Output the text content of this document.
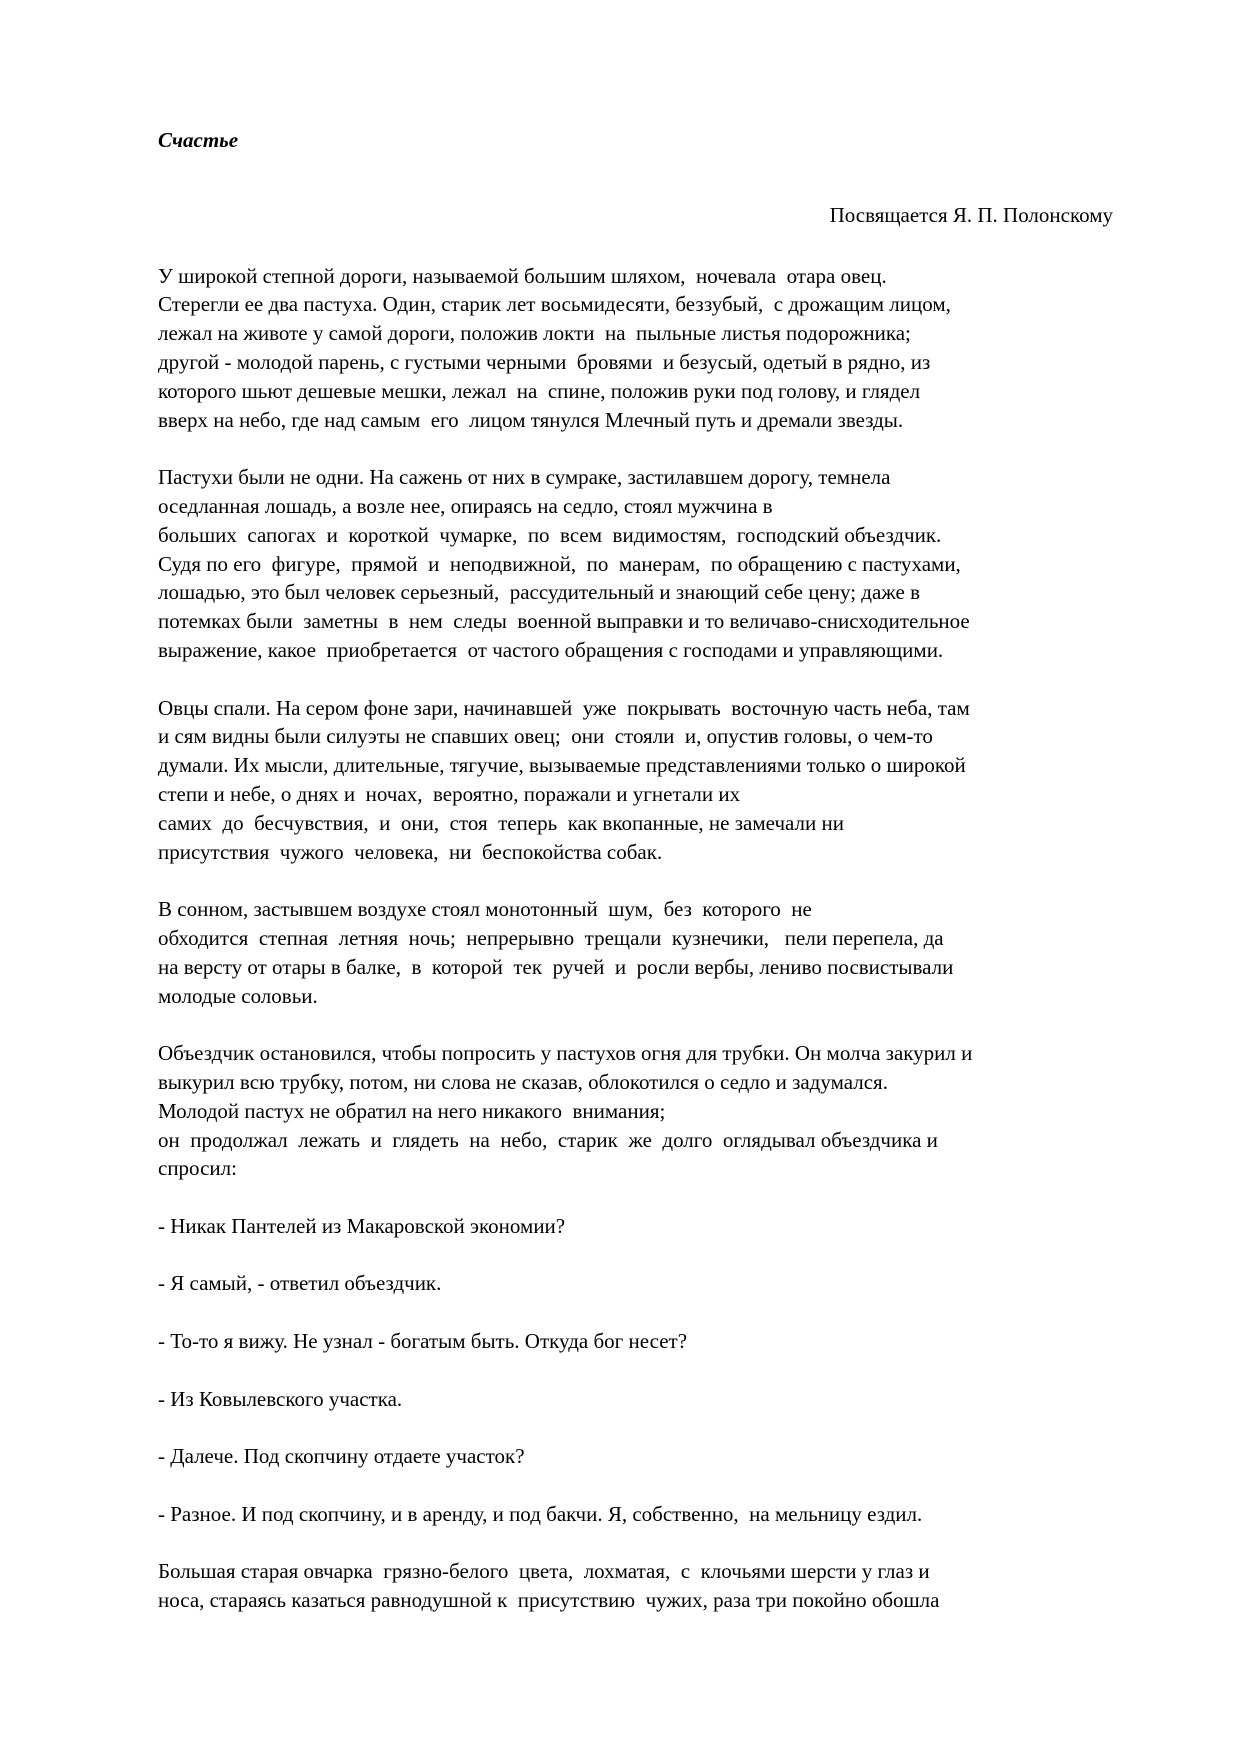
Счастье
Посвящается Я. П. Полонскому
У широкой степной дороги, называемой большим шляхом,  ночевала  отара овец.
Стерегли ее два пастуха. Один, старик лет восьмидесяти, беззубый,  с дрожащим лицом,
лежал на животе у самой дороги, положив локти  на  пыльные листья подорожника;
другой - молодой парень, с густыми черными  бровями  и безусый, одетый в рядно, из
которого шьют дешевые мешки, лежал  на  спине, положив руки под голову, и глядел
вверх на небо, где над самым  его  лицом тянулся Млечный путь и дремали звезды.
Пастухи были не одни. На сажень от них в сумраке, застилавшем дорогу, темнела
оседланная лошадь, а возле нее, опираясь на седло, стоял мужчина в
больших  сапогах  и  короткой  чумарке,  по  всем  видимостям,  господский объездчик.
Судя по его  фигуре,  прямой  и  неподвижной,  по  манерам,  по обращению с пастухами,
лошадью, это был человек серьезный,  рассудительный и знающий себе цену; даже в
потемках были  заметны  в  нем  следы  военной выправки и то величаво-снисходительное
выражение, какое  приобретается  от частого обращения с господами и управляющими.
Овцы спали. На сером фоне зари, начинавшей  уже  покрывать  восточную часть неба, там
и сям видны были силуэты не спавших овец;  они  стояли  и, опустив головы, о чем-то
думали. Их мысли, длительные, тягучие, вызываемые представлениями только о широкой
степи и небе, о днях и  ночах,  вероятно, поражали и угнетали их
самих  до  бесчувствия,  и  они,  стоя  теперь  как вкопанные, не замечали ни
присутствия  чужого  человека,  ни  беспокойства собак.
В сонном, застывшем воздухе стоял монотонный  шум,  без  которого  не
обходится  степная  летняя  ночь;  непрерывно  трещали  кузнечики,   пели перепела, да
на версту от отары в балке,  в  которой  тек  ручей  и  росли вербы, лениво посвистывали
молодые соловьи.
Объездчик остановился, чтобы попросить у пастухов огня для трубки. Он молча закурил и
выкурил всю трубку, потом, ни слова не сказав, облокотился о седло и задумался.
Молодой пастух не обратил на него никакого  внимания;
он  продолжал  лежать  и  глядеть  на  небо,  старик  же  долго  оглядывал объездчика и
спросил:
- Никак Пантелей из Макаровской экономии?
- Я самый, - ответил объездчик.
- То-то я вижу. Не узнал - богатым быть. Откуда бог несет?
- Из Ковылевского участка.
- Далече. Под скопчину отдаете участок?
- Разное. И под скопчину, и в аренду, и под бакчи. Я, собственно,  на мельницу ездил.
Большая старая овчарка  грязно-белого  цвета,  лохматая,  с  клочьями шерсти у глаз и
носа, стараясь казаться равнодушной к  присутствию  чужих, раза три покойно обошла
